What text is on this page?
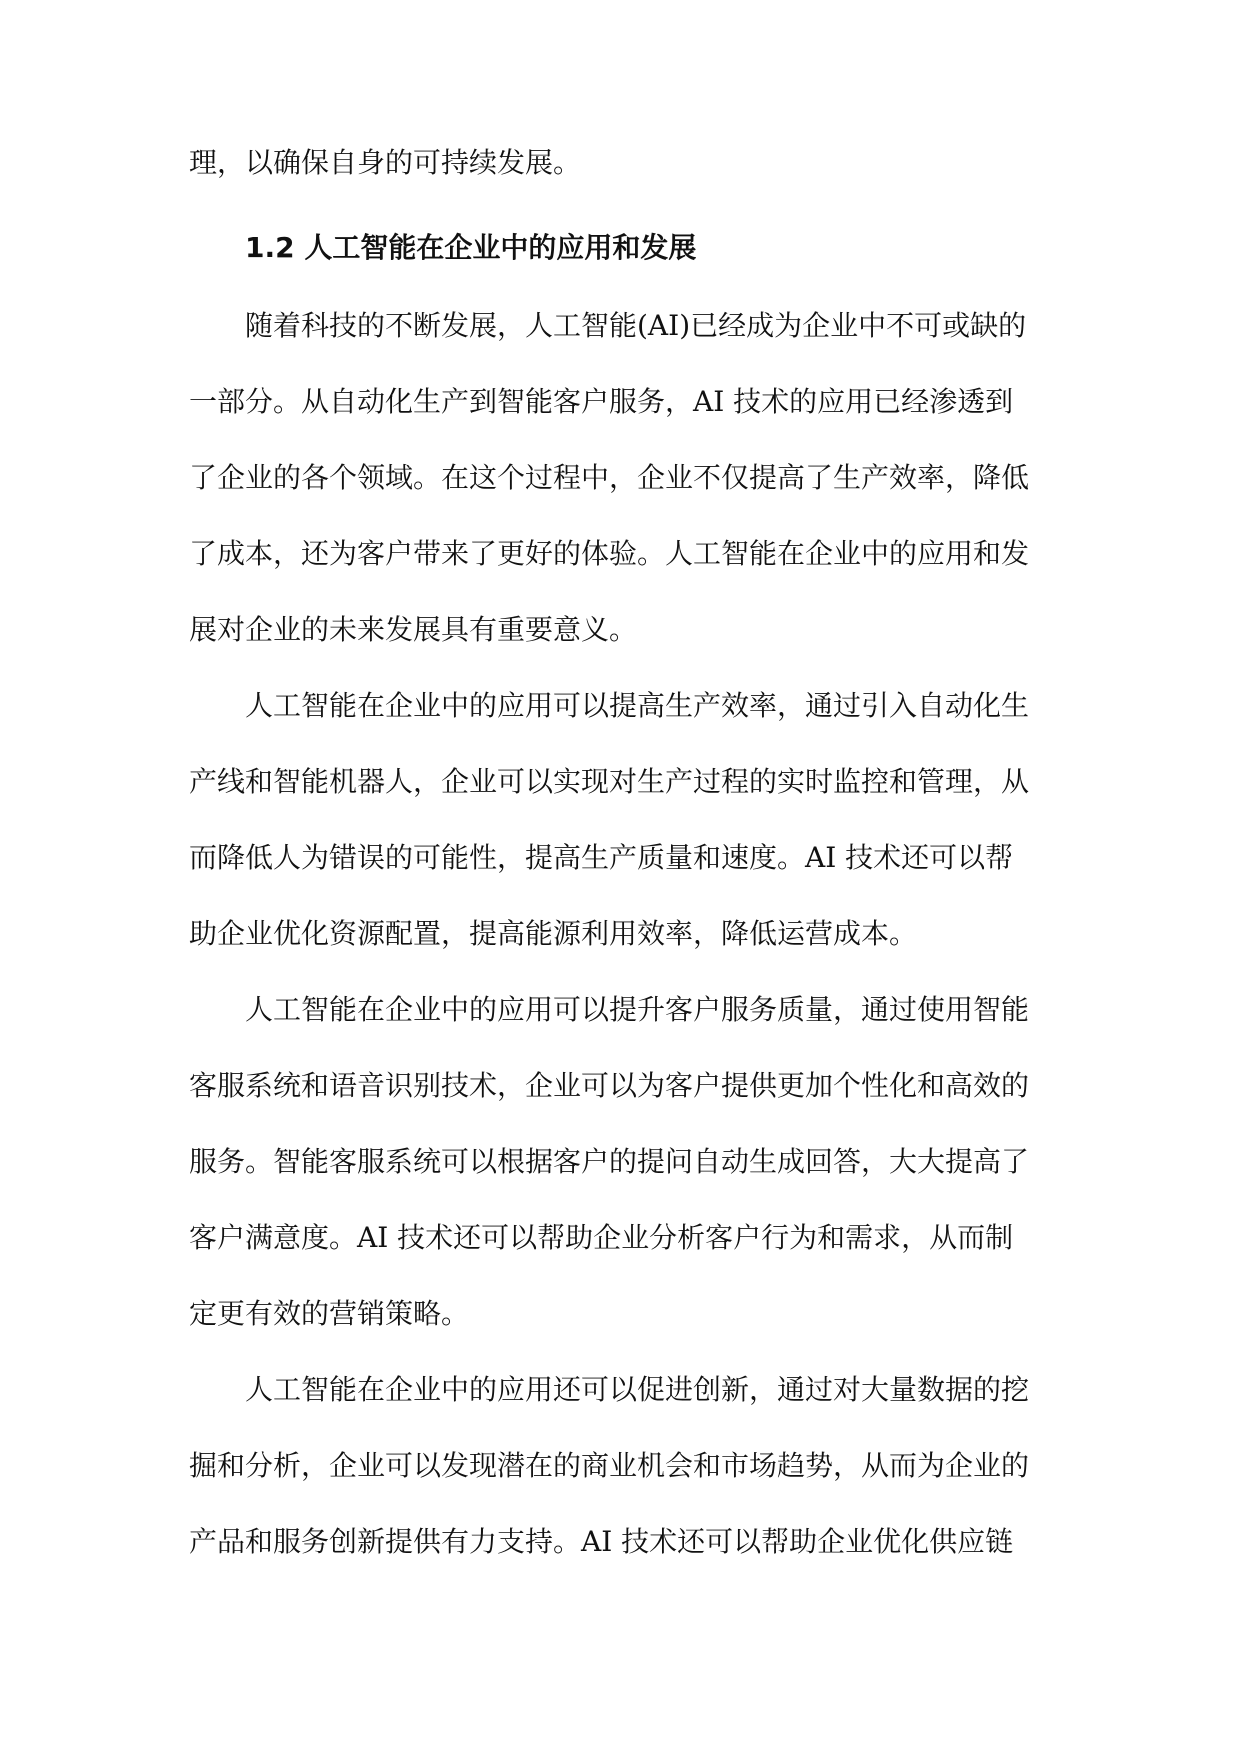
理，以确保自身的可持续发展。
1.2 人工智能在企业中的应用和发展
随着科技的不断发展，人工智能(AI)已经成为企业中不可或缺的
一部分。从自动化生产到智能客户服务，AI 技术的应用已经渗透到
了企业的各个领域。在这个过程中，企业不仅提高了生产效率，降低
了成本，还为客户带来了更好的体验。人工智能在企业中的应用和发
展对企业的未来发展具有重要意义。
人工智能在企业中的应用可以提高生产效率，通过引入自动化生
产线和智能机器人，企业可以实现对生产过程的实时监控和管理，从
而降低人为错误的可能性，提高生产质量和速度。AI 技术还可以帮
助企业优化资源配置，提高能源利用效率，降低运营成本。
人工智能在企业中的应用可以提升客户服务质量，通过使用智能
客服系统和语音识别技术，企业可以为客户提供更加个性化和高效的
服务。智能客服系统可以根据客户的提问自动生成回答，大大提高了
客户满意度。AI 技术还可以帮助企业分析客户行为和需求，从而制
定更有效的营销策略。
人工智能在企业中的应用还可以促进创新，通过对大量数据的挖
掘和分析，企业可以发现潜在的商业机会和市场趋势，从而为企业的
产品和服务创新提供有力支持。AI 技术还可以帮助企业优化供应链
